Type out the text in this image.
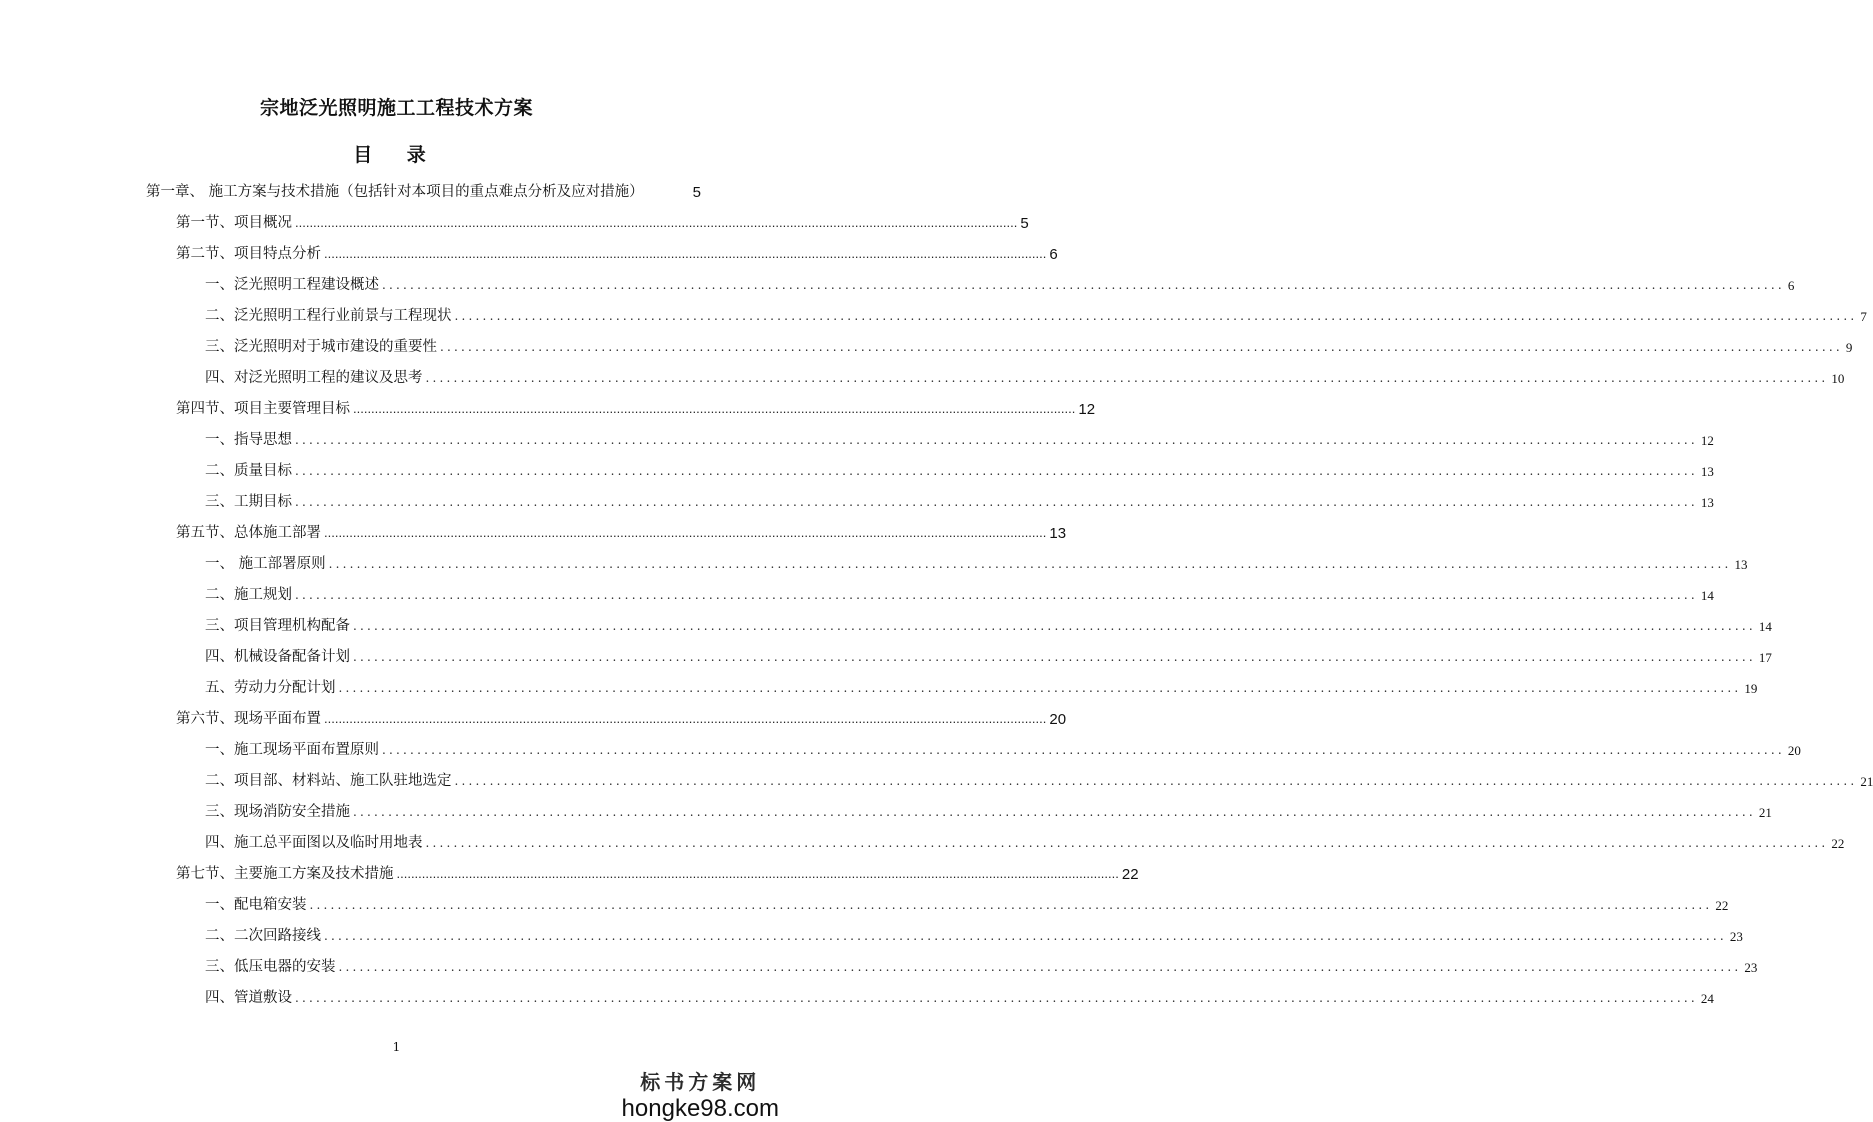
宗地泛光照明施工工程技术方案
目 录
第一章、 施工方案与技术措施（包括针对本项目的重点难点分析及应对措施）	5
第一节、项目概况 ........................................................................................................................................................................................................ 5
第二节、项目特点分析 ........................................................................................................................................................................................................ 6
一、泛光照明工程建设概述 ........................................................................................................................................................................................................ 6
二、泛光照明工程行业前景与工程现状 ........................................................................................................................................................................................................ 7
三、泛光照明对于城市建设的重要性 ........................................................................................................................................................................................................ 9
四、对泛光照明工程的建议及思考 ........................................................................................................................................................................................................ 10
第四节、项目主要管理目标 ........................................................................................................................................................................................................ 12
一、指导思想 ........................................................................................................................................................................................................ 12
二、质量目标 ........................................................................................................................................................................................................ 13
三、工期目标 ........................................................................................................................................................................................................ 13
第五节、总体施工部署 ........................................................................................................................................................................................................ 13
一、 施工部署原则 ........................................................................................................................................................................................................ 13
二、施工规划 ........................................................................................................................................................................................................ 14
三、项目管理机构配备 ........................................................................................................................................................................................................ 14
四、机械设备配备计划 ........................................................................................................................................................................................................ 17
五、劳动力分配计划 ........................................................................................................................................................................................................ 19
第六节、现场平面布置 ........................................................................................................................................................................................................ 20
一、施工现场平面布置原则 ........................................................................................................................................................................................................ 20
二、项目部、材料站、施工队驻地选定 ........................................................................................................................................................................................................ 21
三、现场消防安全措施 ........................................................................................................................................................................................................ 21
四、施工总平面图以及临时用地表 ........................................................................................................................................................................................................ 22
第七节、主要施工方案及技术措施 ........................................................................................................................................................................................................ 22
一、配电箱安装 ........................................................................................................................................................................................................ 22
二、二次回路接线 ........................................................................................................................................................................................................ 23
三、低压电器的安装 ........................................................................................................................................................................................................ 23
四、管道敷设 ........................................................................................................................................................................................................ 24
1
标书方案网
hongke98.com
